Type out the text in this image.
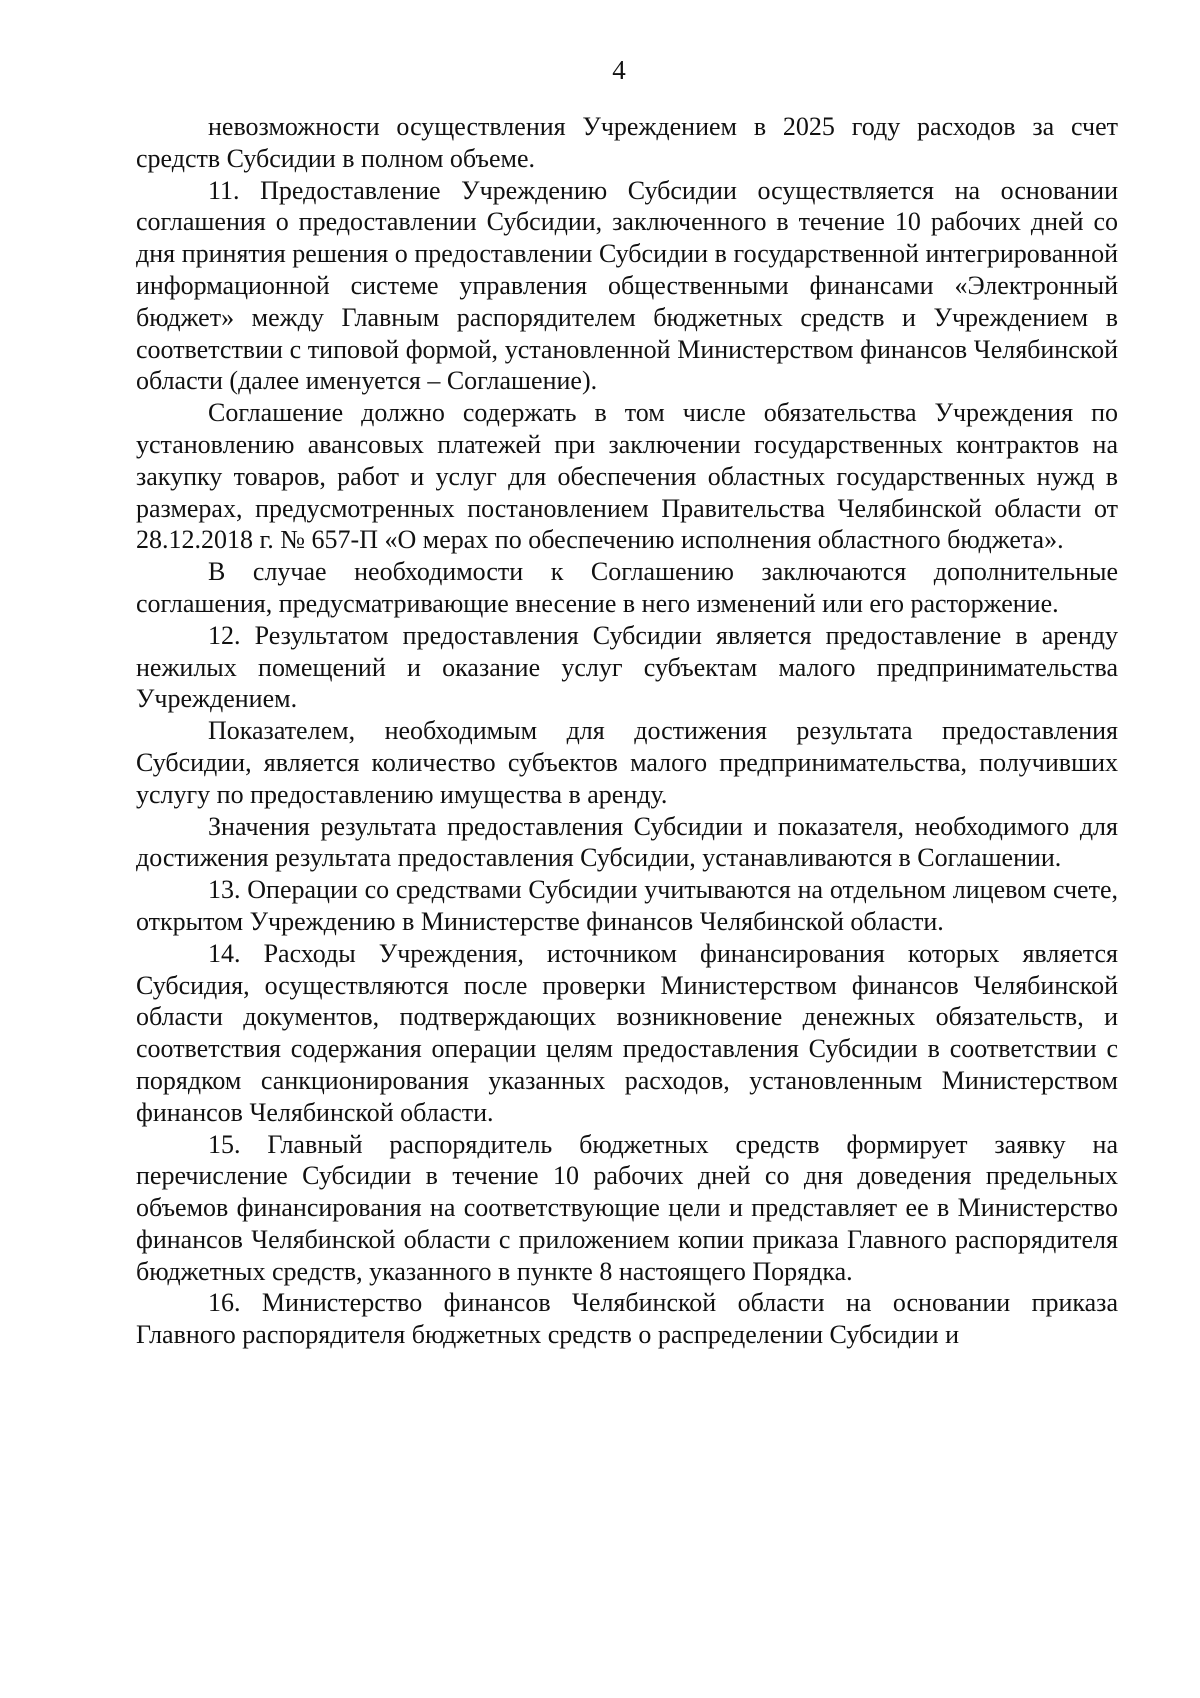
4

невозможности осуществления Учреждением в 2025 году расходов за счет средств Субсидии в полном объеме.

11. Предоставление Учреждению Субсидии осуществляется на основании соглашения о предоставлении Субсидии, заключенного в течение 10 рабочих дней со дня принятия решения о предоставлении Субсидии в государственной интегрированной информационной системе управления общественными финансами «Электронный бюджет» между Главным распорядителем бюджетных средств и Учреждением в соответствии с типовой формой, установленной Министерством финансов Челябинской области (далее именуется – Соглашение).

Соглашение должно содержать в том числе обязательства Учреждения по установлению авансовых платежей при заключении государственных контрактов на закупку товаров, работ и услуг для обеспечения областных государственных нужд в размерах, предусмотренных постановлением Правительства Челябинской области от 28.12.2018 г. № 657-П «О мерах по обеспечению исполнения областного бюджета».

В случае необходимости к Соглашению заключаются дополнительные соглашения, предусматривающие внесение в него изменений или его расторжение.

12. Результатом предоставления Субсидии является предоставление в аренду нежилых помещений и оказание услуг субъектам малого предпринимательства Учреждением.

Показателем, необходимым для достижения результата предоставления Субсидии, является количество субъектов малого предпринимательства, получивших услугу по предоставлению имущества в аренду.

Значения результата предоставления Субсидии и показателя, необходимого для достижения результата предоставления Субсидии, устанавливаются в Соглашении.

13. Операции со средствами Субсидии учитываются на отдельном лицевом счете, открытом Учреждению в Министерстве финансов Челябинской области.

14. Расходы Учреждения, источником финансирования которых является Субсидия, осуществляются после проверки Министерством финансов Челябинской области документов, подтверждающих возникновение денежных обязательств, и соответствия содержания операции целям предоставления Субсидии в соответствии с порядком санкционирования указанных расходов, установленным Министерством финансов Челябинской области.

15. Главный распорядитель бюджетных средств формирует заявку на перечисление Субсидии в течение 10 рабочих дней со дня доведения предельных объемов финансирования на соответствующие цели и представляет ее в Министерство финансов Челябинской области с приложением копии приказа Главного распорядителя бюджетных средств, указанного в пункте 8 настоящего Порядка.

16. Министерство финансов Челябинской области на основании приказа Главного распорядителя бюджетных средств о распределении Субсидии и
